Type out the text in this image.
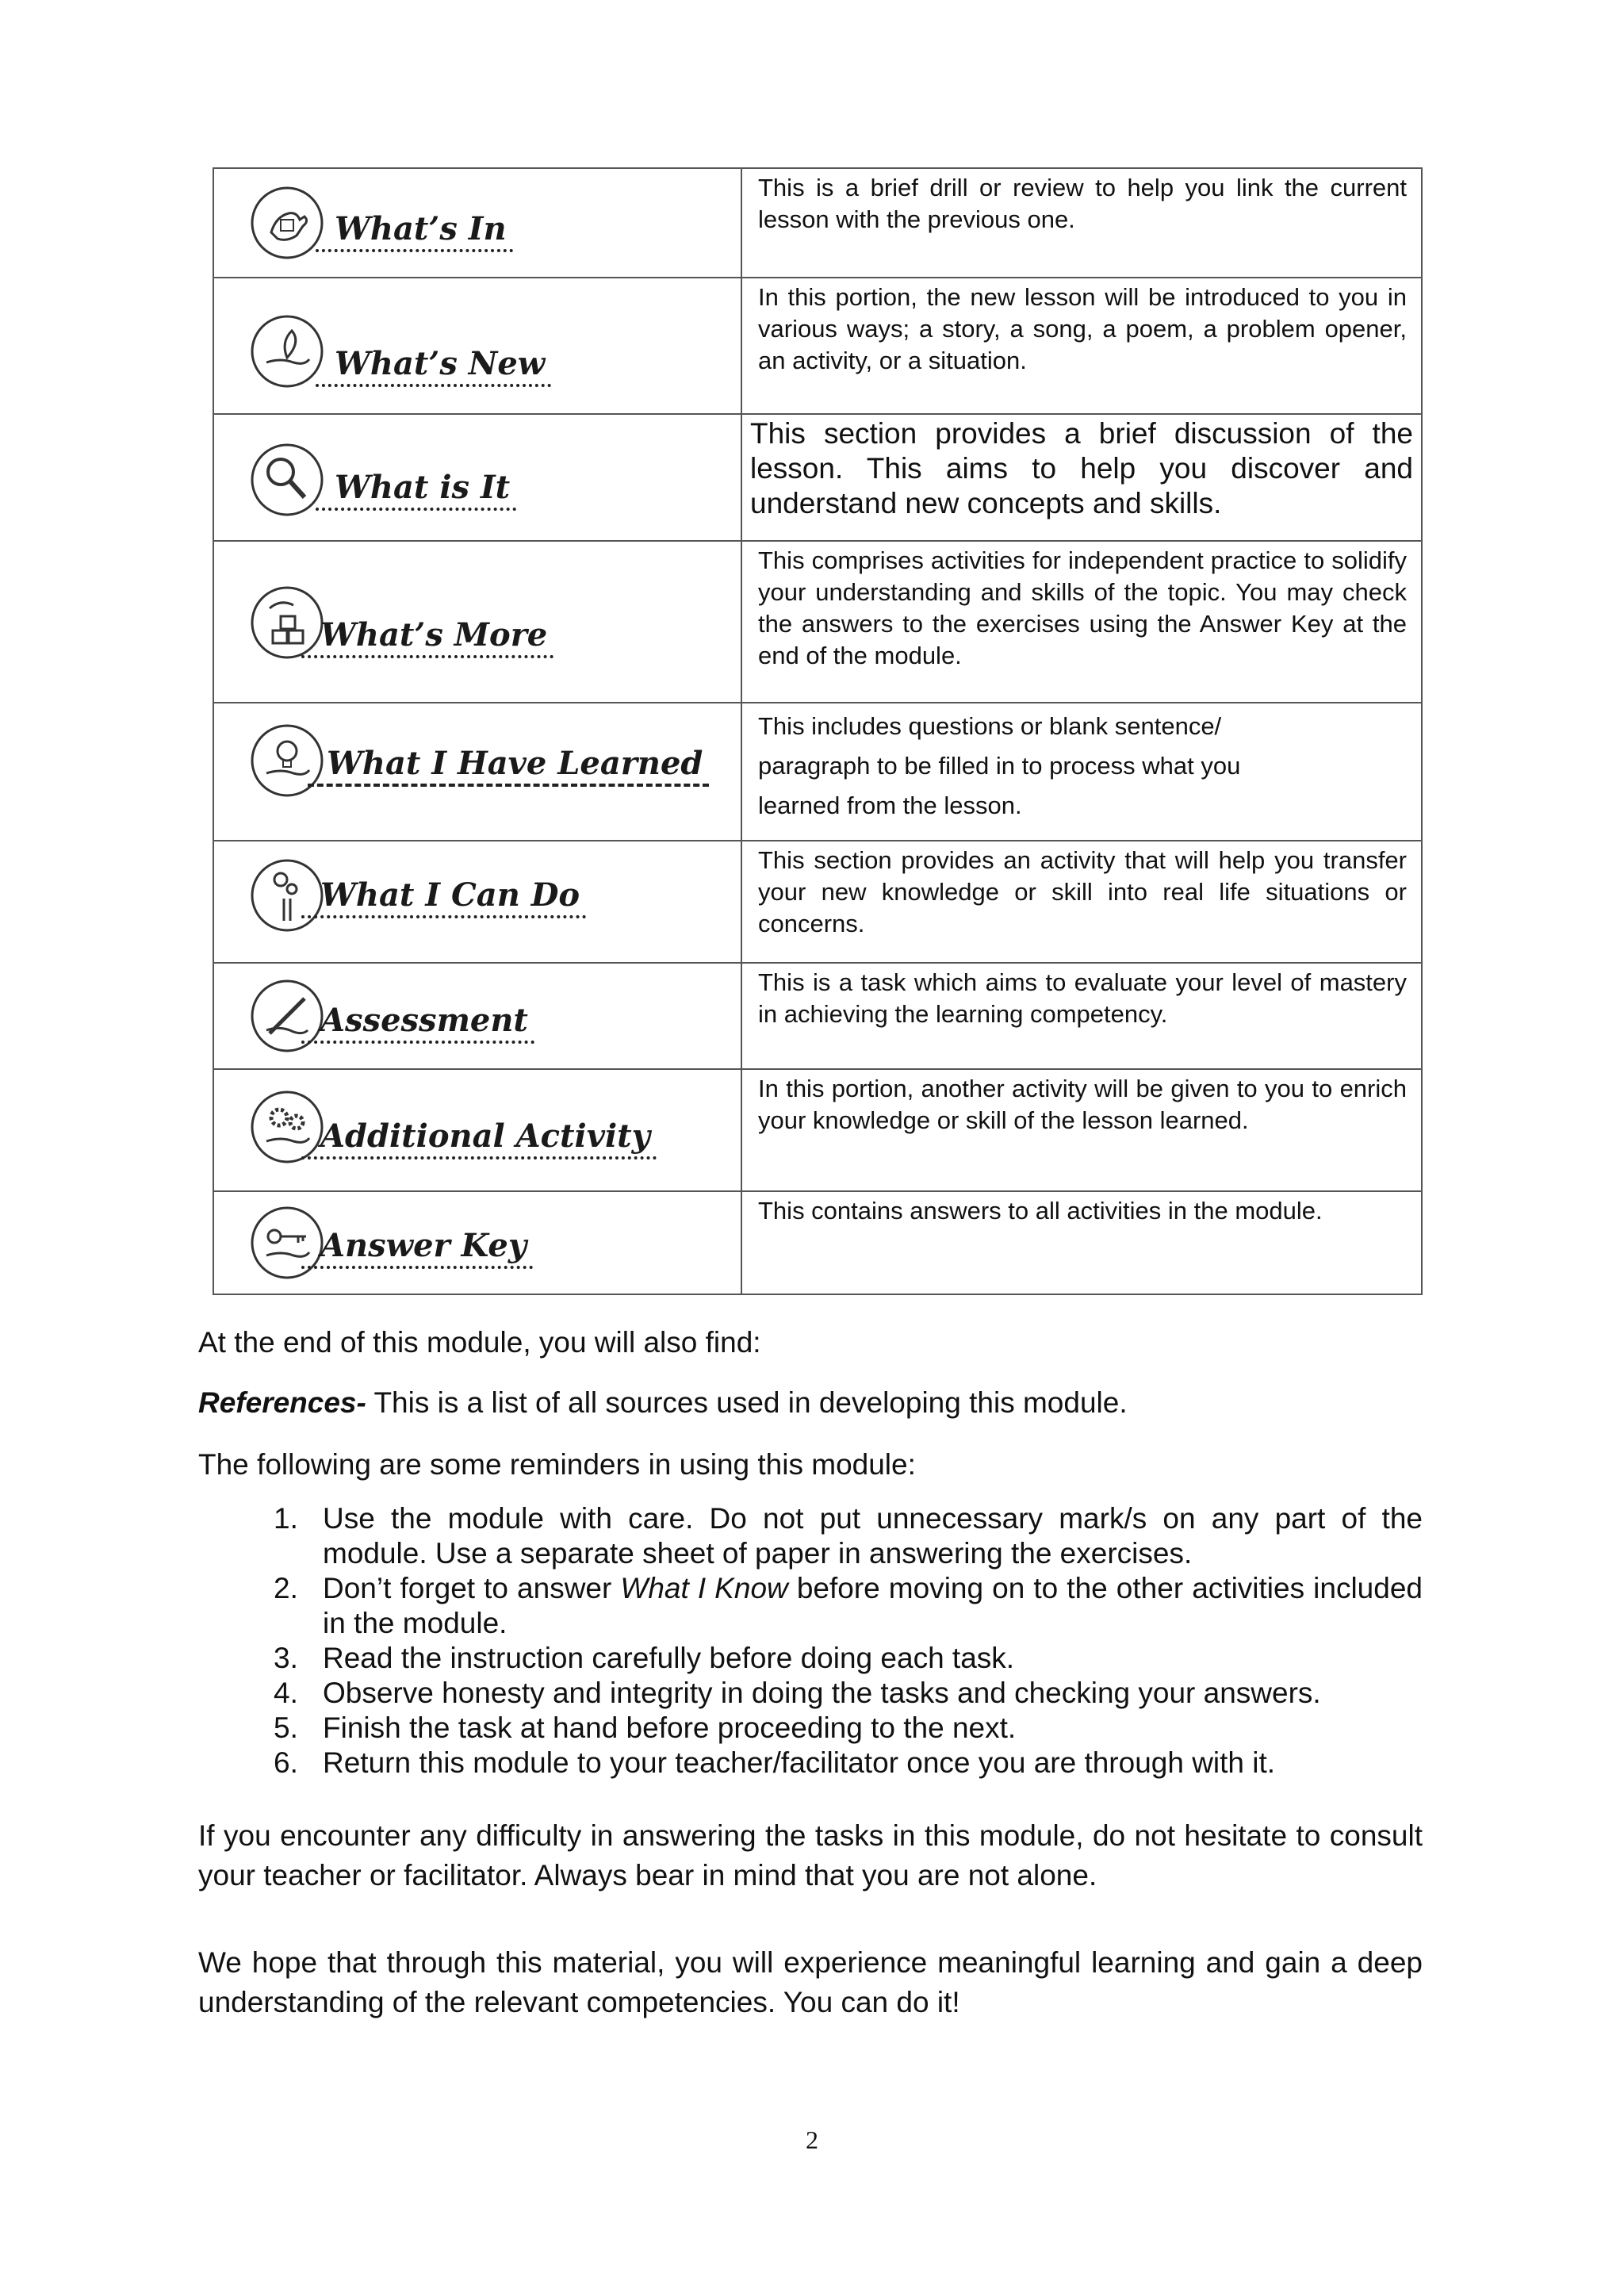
What’s In	This is a brief drill or review to help you link the current lesson with the previous one.

What’s New	In this portion, the new lesson will be introduced to you in various ways; a story, a song, a poem, a problem opener, an activity, or a situation.

What is It	This section provides a brief discussion of the lesson. This aims to help you discover and understand new concepts and skills.

What’s More	This comprises activities for independent practice to solidify your understanding and skills of the topic. You may check the answers to the exercises using the Answer Key at the end of the module.

What I Have Learned	This includes questions or blank sentence/
paragraph to be filled in to process what you
learned from the lesson.

What I Can Do	This section provides an activity that will help you transfer your new knowledge or skill into real life situations or concerns.

Assessment	This is a task which aims to evaluate your level of mastery in achieving the learning competency.

Additional Activity	In this portion, another activity will be given to you to enrich your knowledge or skill of the lesson learned.

Answer Key	This contains answers to all activities in the module.
At the end of this module, you will also find:
References- This is a list of all sources used in developing this module.
The following are some reminders in using this module:
1. Use the module with care. Do not put unnecessary mark/s on any part of the module. Use a separate sheet of paper in answering the exercises.
2. Don’t forget to answer What I Know before moving on to the other activities included in the module.
3. Read the instruction carefully before doing each task.
4. Observe honesty and integrity in doing the tasks and checking your answers.
5. Finish the task at hand before proceeding to the next.
6. Return this module to your teacher/facilitator once you are through with it.
If you encounter any difficulty in answering the tasks in this module, do not hesitate to consult your teacher or facilitator. Always bear in mind that you are not alone.
We hope that through this material, you will experience meaningful learning and gain a deep understanding of the relevant competencies. You can do it!
2
